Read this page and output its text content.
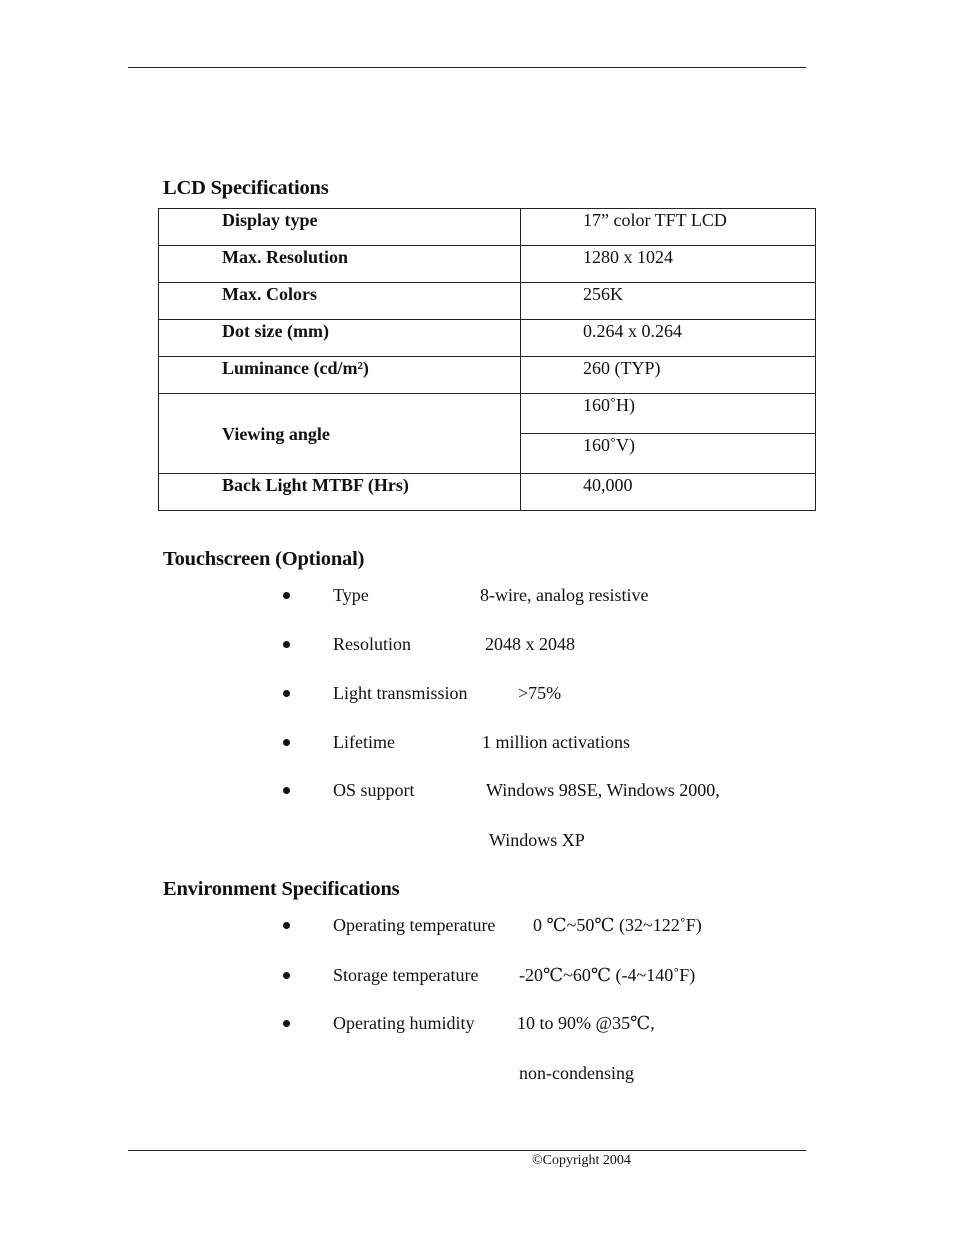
LCD Specifications
Display type	17” color TFT LCD
Max. Resolution	1280 x 1024
Max. Colors	256K
Dot size (mm)	0.264 x 0.264
Luminance (cd/m²)	260 (TYP)
Viewing angle	160˚H)
	160˚V)
Back Light MTBF (Hrs)	40,000
Touchscreen (Optional)
Type	8-wire, analog resistive
Resolution	2048 x 2048
Light transmission	>75%
Lifetime	1 million activations
OS support	Windows 98SE, Windows 2000,
Windows XP
Environment Specifications
Operating temperature 0 ℃~50℃ (32~122˚F)
Storage temperature -20℃~60℃ (-4~140˚F)
Operating humidity 10 to 90% @35℃,
non-condensing
©Copyright 2004
